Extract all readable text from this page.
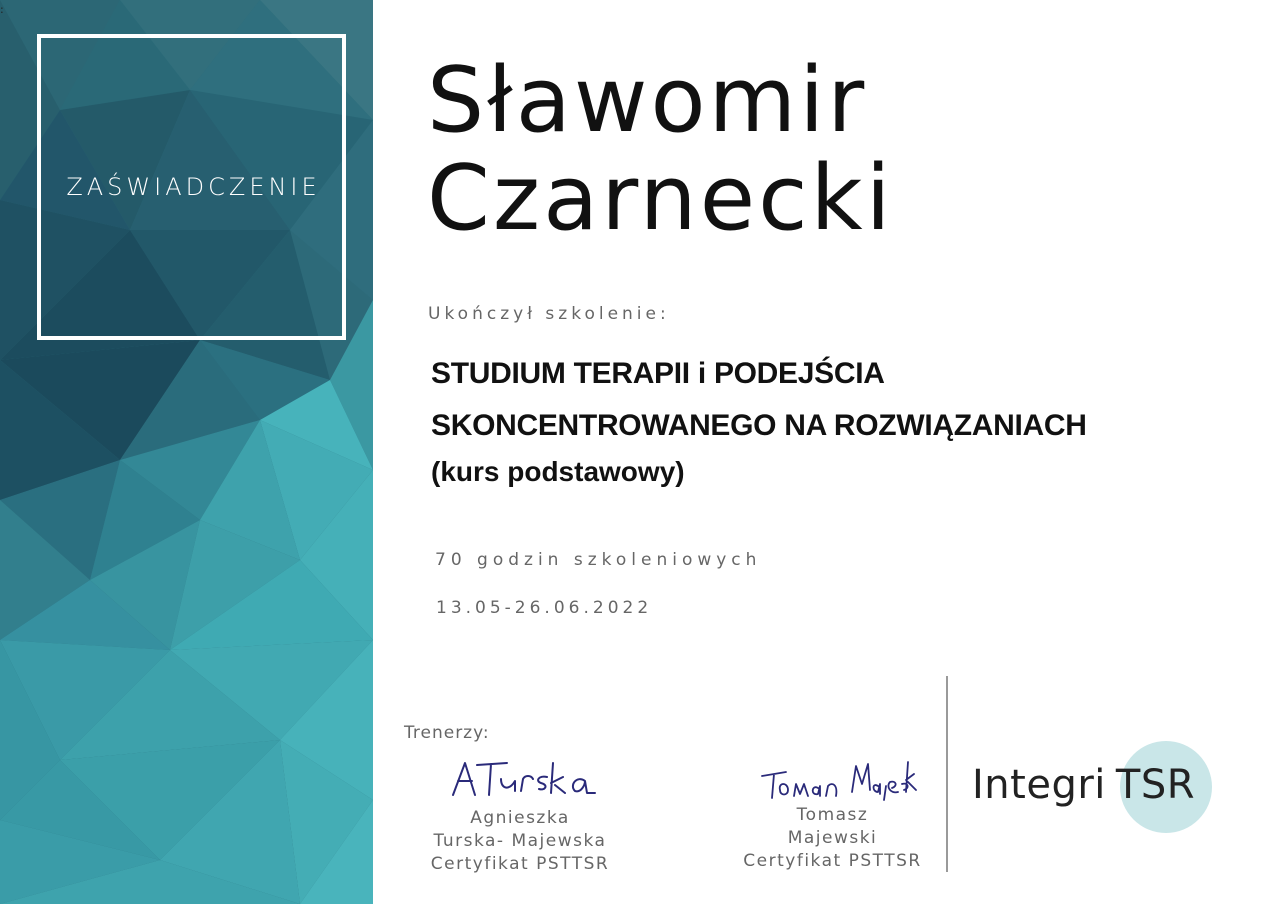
:
ZAŚWIADCZENIE
Sławomir
Czarnecki
Ukończył szkolenie:
STUDIUM TERAPII i PODEJŚCIA
SKONCENTROWANEGO NA ROZWIĄZANIACH
(kurs podstawowy)
70 godzin szkoleniowych
13.05-26.06.2022
Trenerzy:
Agnieszka
Turska- Majewska
Certyfikat PSTTSR
Tomasz
Majewski
Certyfikat PSTTSR
Integri TSR
